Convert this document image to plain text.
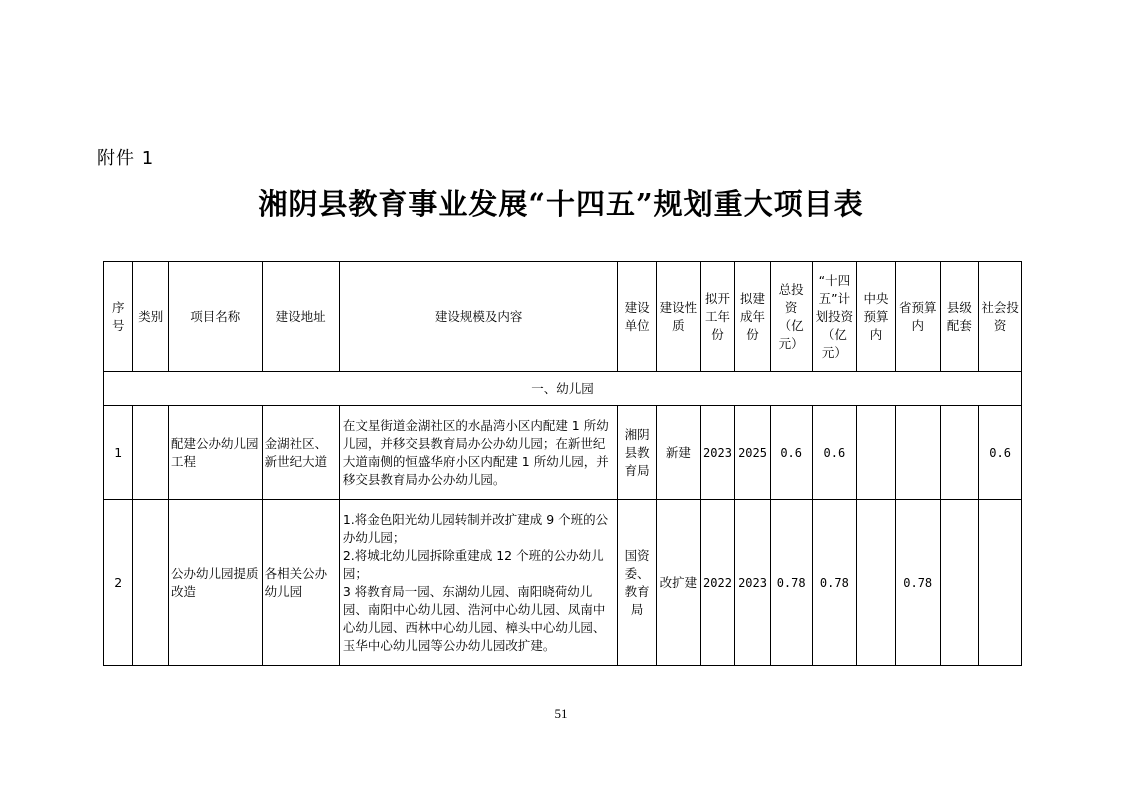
附件 1
湘阴县教育事业发展“十四五”规划重大项目表
序号	类别	项目名称	建设地址	建设规模及内容	建设单位	建设性质	拟开工年份	拟建成年份	总投资（亿元）	“十四五”计划投资（亿元）	中央预算内	省预算内	县级配套	社会投资
一、幼儿园														
1		配建公办幼儿园工程	金湖社区、新世纪大道	在文星街道金湖社区的水晶湾小区内配建 1 所幼儿园，并移交县教育局办公办幼儿园；在新世纪大道南侧的恒盛华府小区内配建 1 所幼儿园，并移交县教育局办公办幼儿园。	湘阴县教育局	新建	2023	2025	0.6	0.6				0.6
2		公办幼儿园提质改造	各相关公办幼儿园	1.将金色阳光幼儿园转制并改扩建成 9 个班的公办幼儿园；
2.将城北幼儿园拆除重建成 12 个班的公办幼儿园；
3 将教育局一园、东湖幼儿园、南阳晓荷幼儿园、南阳中心幼儿园、浩河中心幼儿园、凤南中心幼儿园、西林中心幼儿园、樟头中心幼儿园、玉华中心幼儿园等公办幼儿园改扩建。	国资委、教育局	改扩建	2022	2023	0.78	0.78		0.78		
51
